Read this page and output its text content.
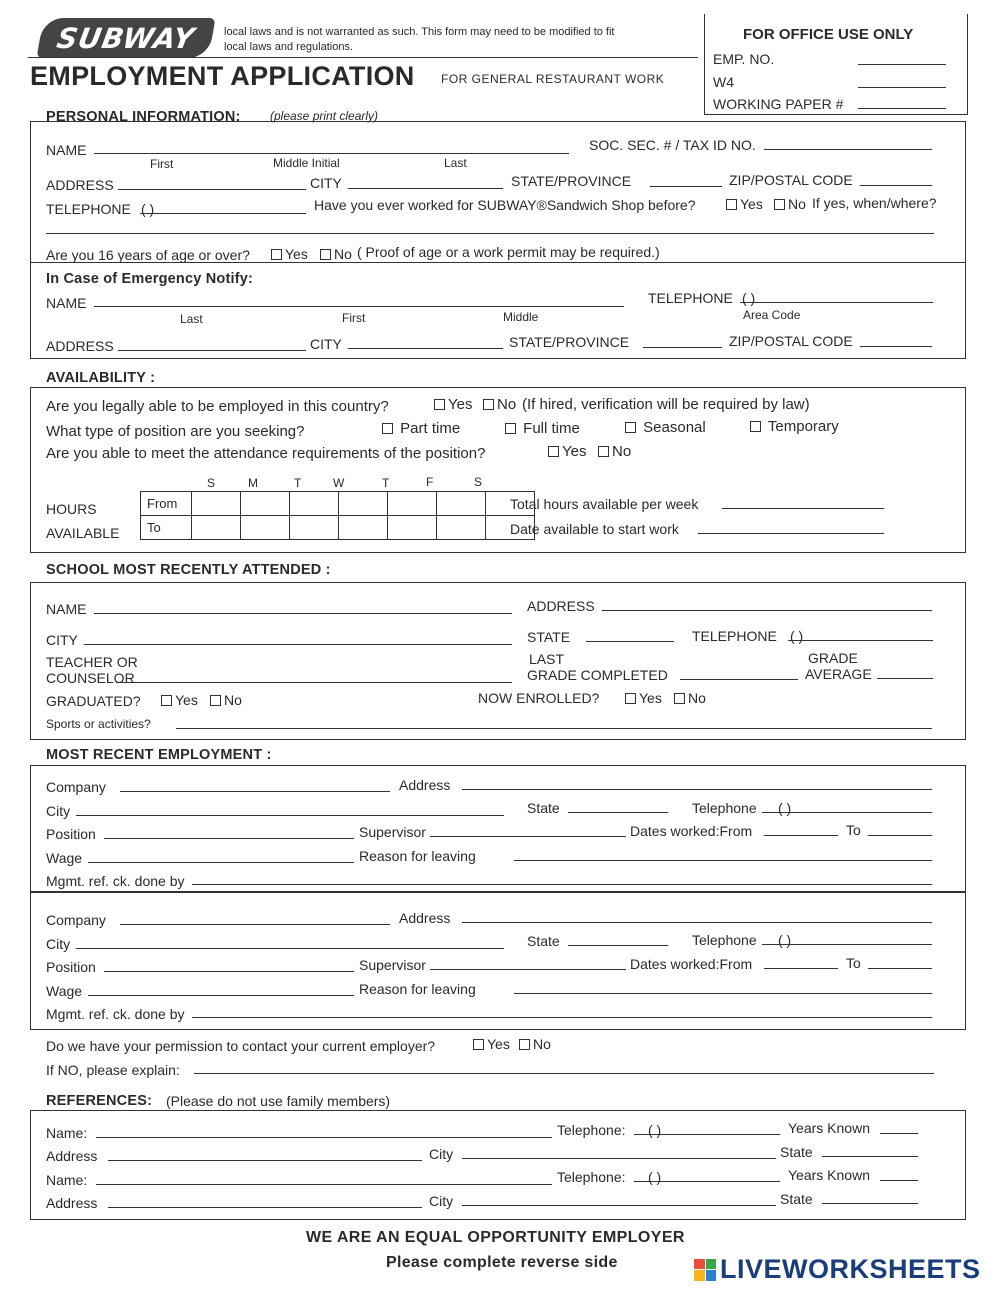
SUBWAY local laws and is not warranted as such. This form may need to be modified to fit
local laws and regulations.
EMPLOYMENT APPLICATION FOR GENERAL RESTAURANT WORK
FOR OFFICE USE ONLY
EMP. NO.
W4
WORKING PAPER #
PERSONAL INFORMATION: (please print clearly)
NAME	SOC. SEC. # / TAX ID NO.
First	Middle Initial	Last
ADDRESS	CITY	STATE/PROVINCE	ZIP/POSTAL CODE
TELEPHONE ( )	Have you ever worked for SUBWAY®Sandwich Shop before?	Yes	No If yes, when/where?
Are you 16 years of age or over?	Yes	No ( Proof of age or a work permit may be required.)
In Case of Emergency Notify:
NAME	TELEPHONE ( )
Last	First	Middle	Area Code
ADDRESS	CITY	STATE/PROVINCE	ZIP/POSTAL CODE
AVAILABILITY :
Are you legally able to be employed in this country?	Yes	No (If hired, verification will be required by law)
What type of position are you seeking?	Part time	Full time	Seasonal	Temporary
Are you able to meet the attendance requirements of the position?	Yes	No
S	M	T	W	T	F	S
HOURS
AVAILABLE
From							
To							
Total hours available per week
Date available to start work
SCHOOL MOST RECENTLY ATTENDED :
NAME	ADDRESS
CITY	STATE	TELEPHONE ( )
TEACHER OR
COUNSELOR
LAST
GRADE COMPLETED
GRADE
AVERAGE
GRADUATED?	Yes	No	NOW ENROLLED?	Yes	No
Sports or activities?
MOST RECENT EMPLOYMENT :
Company	Address
City	State	Telephone ( )
Position	Supervisor	Dates worked:From	To
Wage	Reason for leaving
Mgmt. ref. ck. done by
Company	Address
City	State	Telephone ( )
Position	Supervisor	Dates worked:From	To
Wage	Reason for leaving
Mgmt. ref. ck. done by
Do we have your permission to contact your current employer?	Yes	No
If NO, please explain:
REFERENCES: (Please do not use family members)
Name:	Telephone: ( )	Years Known
Address	City	State
Name:	Telephone: ( )	Years Known
Address	City	State
WE ARE AN EQUAL OPPORTUNITY EMPLOYER
Please complete reverse side	LIVEWORKSHEETS
